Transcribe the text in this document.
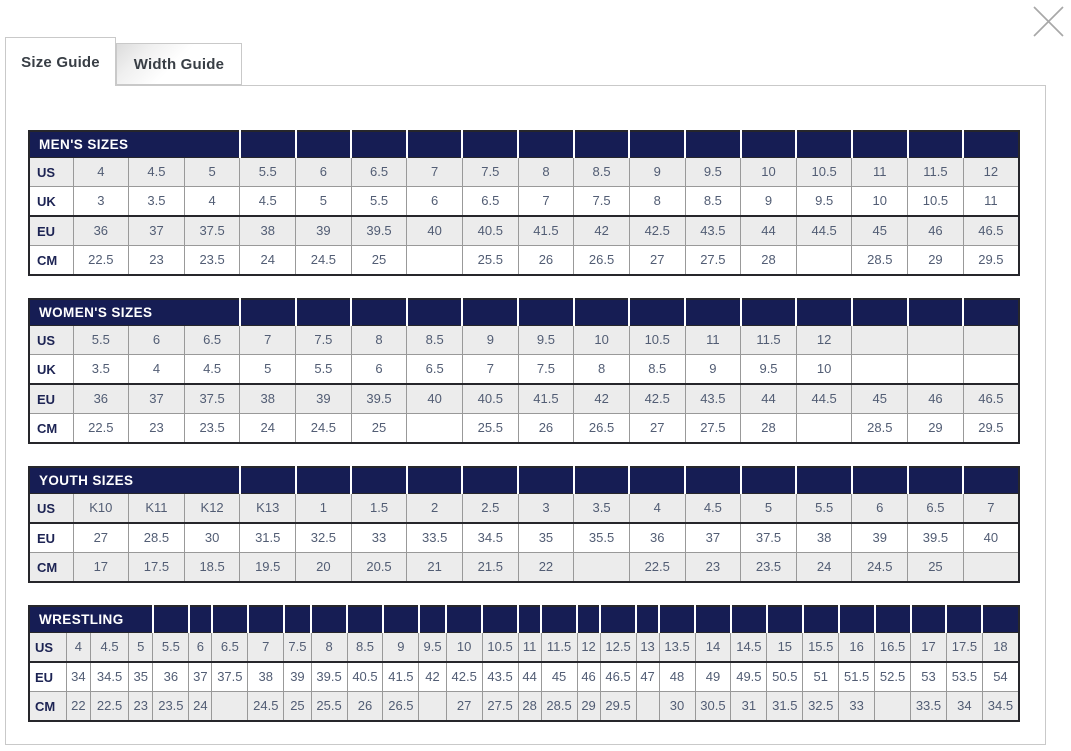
MEN'S SIZES																	
US	4	4.5	5	5.5	6	6.5	7	7.5	8	8.5	9	9.5	10	10.5	11	11.5	12
UK	3	3.5	4	4.5	5	5.5	6	6.5	7	7.5	8	8.5	9	9.5	10	10.5	11
EU	36	37	37.5	38	39	39.5	40	40.5	41.5	42	42.5	43.5	44	44.5	45	46	46.5
CM	22.5	23	23.5	24	24.5	25		25.5	26	26.5	27	27.5	28		28.5	29	29.5
WOMEN'S SIZES																	
US	5.5	6	6.5	7	7.5	8	8.5	9	9.5	10	10.5	11	11.5	12			
UK	3.5	4	4.5	5	5.5	6	6.5	7	7.5	8	8.5	9	9.5	10			
EU	36	37	37.5	38	39	39.5	40	40.5	41.5	42	42.5	43.5	44	44.5	45	46	46.5
CM	22.5	23	23.5	24	24.5	25		25.5	26	26.5	27	27.5	28		28.5	29	29.5
YOUTH SIZES																	
US	K10	K11	K12	K13	1	1.5	2	2.5	3	3.5	4	4.5	5	5.5	6	6.5	7
EU	27	28.5	30	31.5	32.5	33	33.5	34.5	35	35.5	36	37	37.5	38	39	39.5	40
CM	17	17.5	18.5	19.5	20	20.5	21	21.5	22		22.5	23	23.5	24	24.5	25	
WRESTLING																													
US	4	4.5	5	5.5	6	6.5	7	7.5	8	8.5	9	9.5	10	10.5	11	11.5	12	12.5	13	13.5	14	14.5	15	15.5	16	16.5	17	17.5	18
EU	34	34.5	35	36	37	37.5	38	39	39.5	40.5	41.5	42	42.5	43.5	44	45	46	46.5	47	48	49	49.5	50.5	51	51.5	52.5	53	53.5	54
CM	22	22.5	23	23.5	24		24.5	25	25.5	26	26.5		27	27.5	28	28.5	29	29.5		30	30.5	31	31.5	32.5	33		33.5	34	34.5
Size Guide Width Guide
